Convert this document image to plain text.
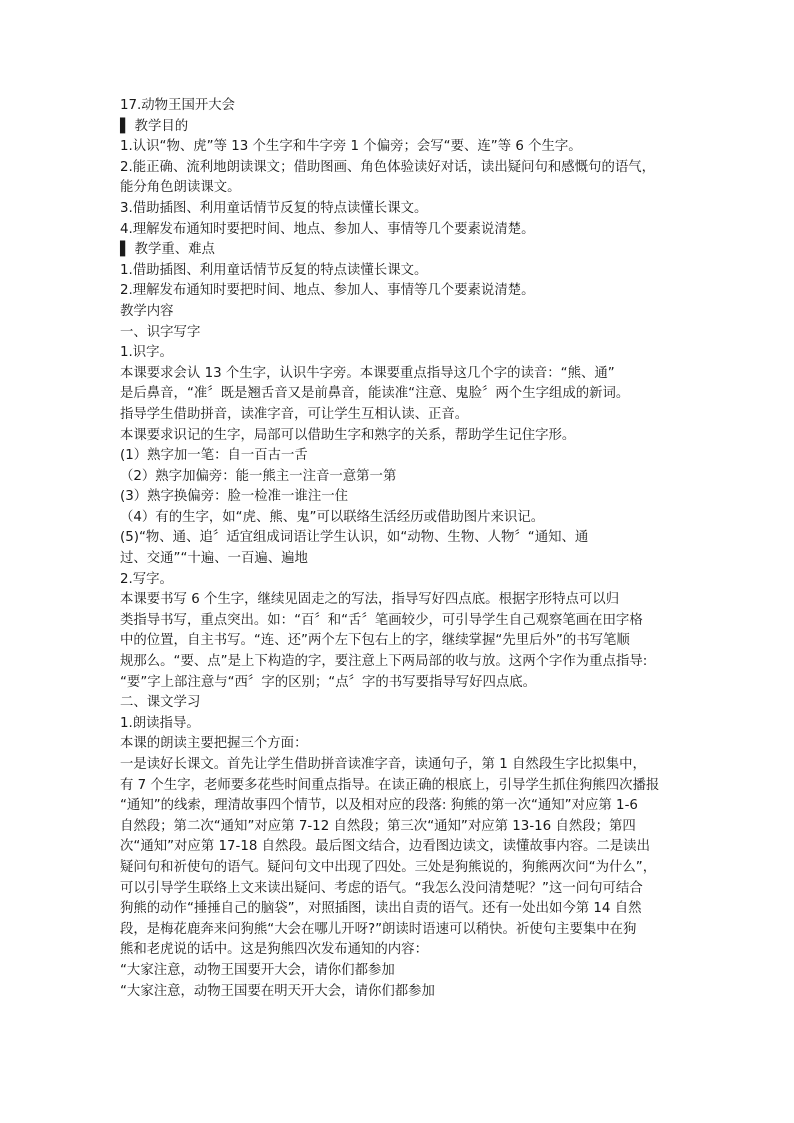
17.动物王国开大会
▌ 教学目的
1.认识“物、虎”等 13 个生字和牛字旁 1 个偏旁；会写“要、连”等 6 个生字。
2.能正确、流利地朗读课文；借助图画、角色体验读好对话，读出疑问句和感慨句的语气，
能分角色朗读课文。
3.借助插图、利用童话情节反复的特点读懂长课文。
4.理解发布通知时要把时间、地点、参加人、事情等几个要素说清楚。
▌ 教学重、难点
1.借助插图、利用童话情节反复的特点读懂长课文。
2.理解发布通知时要把时间、地点、参加人、事情等几个要素说清楚。
教学内容
一、识字写字
1.识字。
本课要求会认 13 个生字，认识牛字旁。本课要重点指导这几个字的读音：“熊、通”
是后鼻音，“准〞既是翘舌音又是前鼻音，能读准“注意、鬼脸〞两个生字组成的新词。
指导学生借助拼音，读准字音，可让学生互相认读、正音。
本课要求识记的生字，局部可以借助生字和熟字的关系，帮助学生记住字形。
(1）熟字加一笔：自一百古一舌
（2）熟字加偏旁：能一熊主一注音一意第一第
(3）熟字换偏旁：脸一检准一谁注一住
（4）有的生字，如“虎、熊、鬼”可以联络生活经历或借助图片来识记。
(5)“物、通、追〞适宜组成词语让学生认识，如“动物、生物、人物〞“通知、通
过、交通”“十遍、一百遍、遍地
2.写字。
本课要书写 6 个生字，继续见固走之的写法，指导写好四点底。根据字形特点可以归
类指导书写，重点突出。如：“百〞和“舌〞笔画较少，可引导学生自己观察笔画在田字格
中的位置，自主书写。“连、还”两个左下包右上的字，继续掌握“先里后外”的书写笔顺
规那么。“要、点”是上下构造的字，要注意上下两局部的收与放。这两个字作为重点指导:
“要”字上部注意与“西〞字的区别；“点〞字的书写要指导写好四点底。
二、课文学习
1.朗读指导。
本课的朗读主要把握三个方面：
一是读好长课文。首先让学生借助拼音读准字音，读通句子，第 1 自然段生字比拟集中，
有 7 个生字，老师要多花些时间重点指导。在读正确的根底上，引导学生抓住狗熊四次播报
“通知”的线索，理清故事四个情节，以及相对应的段落: 狗熊的第一次“通知”对应第 1-6
自然段；第二次“通知”对应第 7-12 自然段；第三次“通知”对应第 13-16 自然段；第四
次“通知”对应第 17-18 自然段。最后图文结合，边看图边读文，读懂故事内容。二是读出
疑问句和祈使句的语气。疑问句文中出现了四处。三处是狗熊说的，狗熊两次问“为什么”，
可以引导学生联络上文来读出疑问、考虑的语气。“我怎么没问清楚呢？”这一问句可结合
狗熊的动作“捶捶自己的脑袋”，对照插图，读出自责的语气。还有一处出如今第 14 自然
段，是梅花鹿奔来问狗熊“大会在哪儿开呀?”朗读时语速可以稍快。祈使句主要集中在狗
熊和老虎说的话中。这是狗熊四次发布通知的内容：
“大家注意，动物王国要开大会，请你们都参加
“大家注意，动物王国要在明天开大会，请你们都参加
